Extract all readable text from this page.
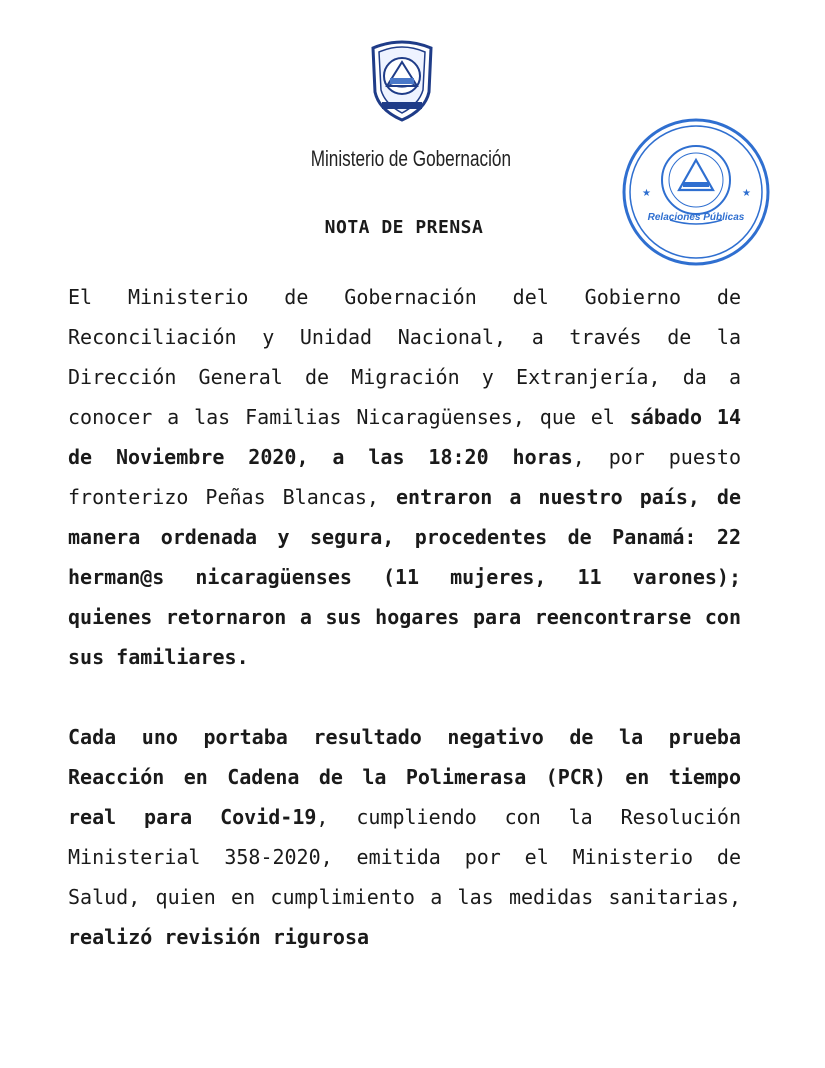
Ministerio de Gobernación
Relaciones Públicas
★	★
NOTA DE PRENSA
El Ministerio de Gobernación del Gobierno de Reconciliación y Unidad Nacional, a través de la Dirección General de Migración y Extranjería, da a conocer a las Familias Nicaragüenses, que el sábado 14 de Noviembre 2020, a las 18:20 horas, por puesto fronterizo Peñas Blancas, entraron a nuestro país, de manera ordenada y segura, procedentes de Panamá: 22 herman@s nicaragüenses (11 mujeres, 11 varones); quienes retornaron a sus hogares para reencontrarse con sus familiares.
Cada uno portaba resultado negativo de la prueba Reacción en Cadena de la Polimerasa (PCR) en tiempo real para Covid-19, cumpliendo con la Resolución Ministerial 358-2020, emitida por el Ministerio de Salud, quien en cumplimiento a las medidas sanitarias, realizó revisión rigurosa
